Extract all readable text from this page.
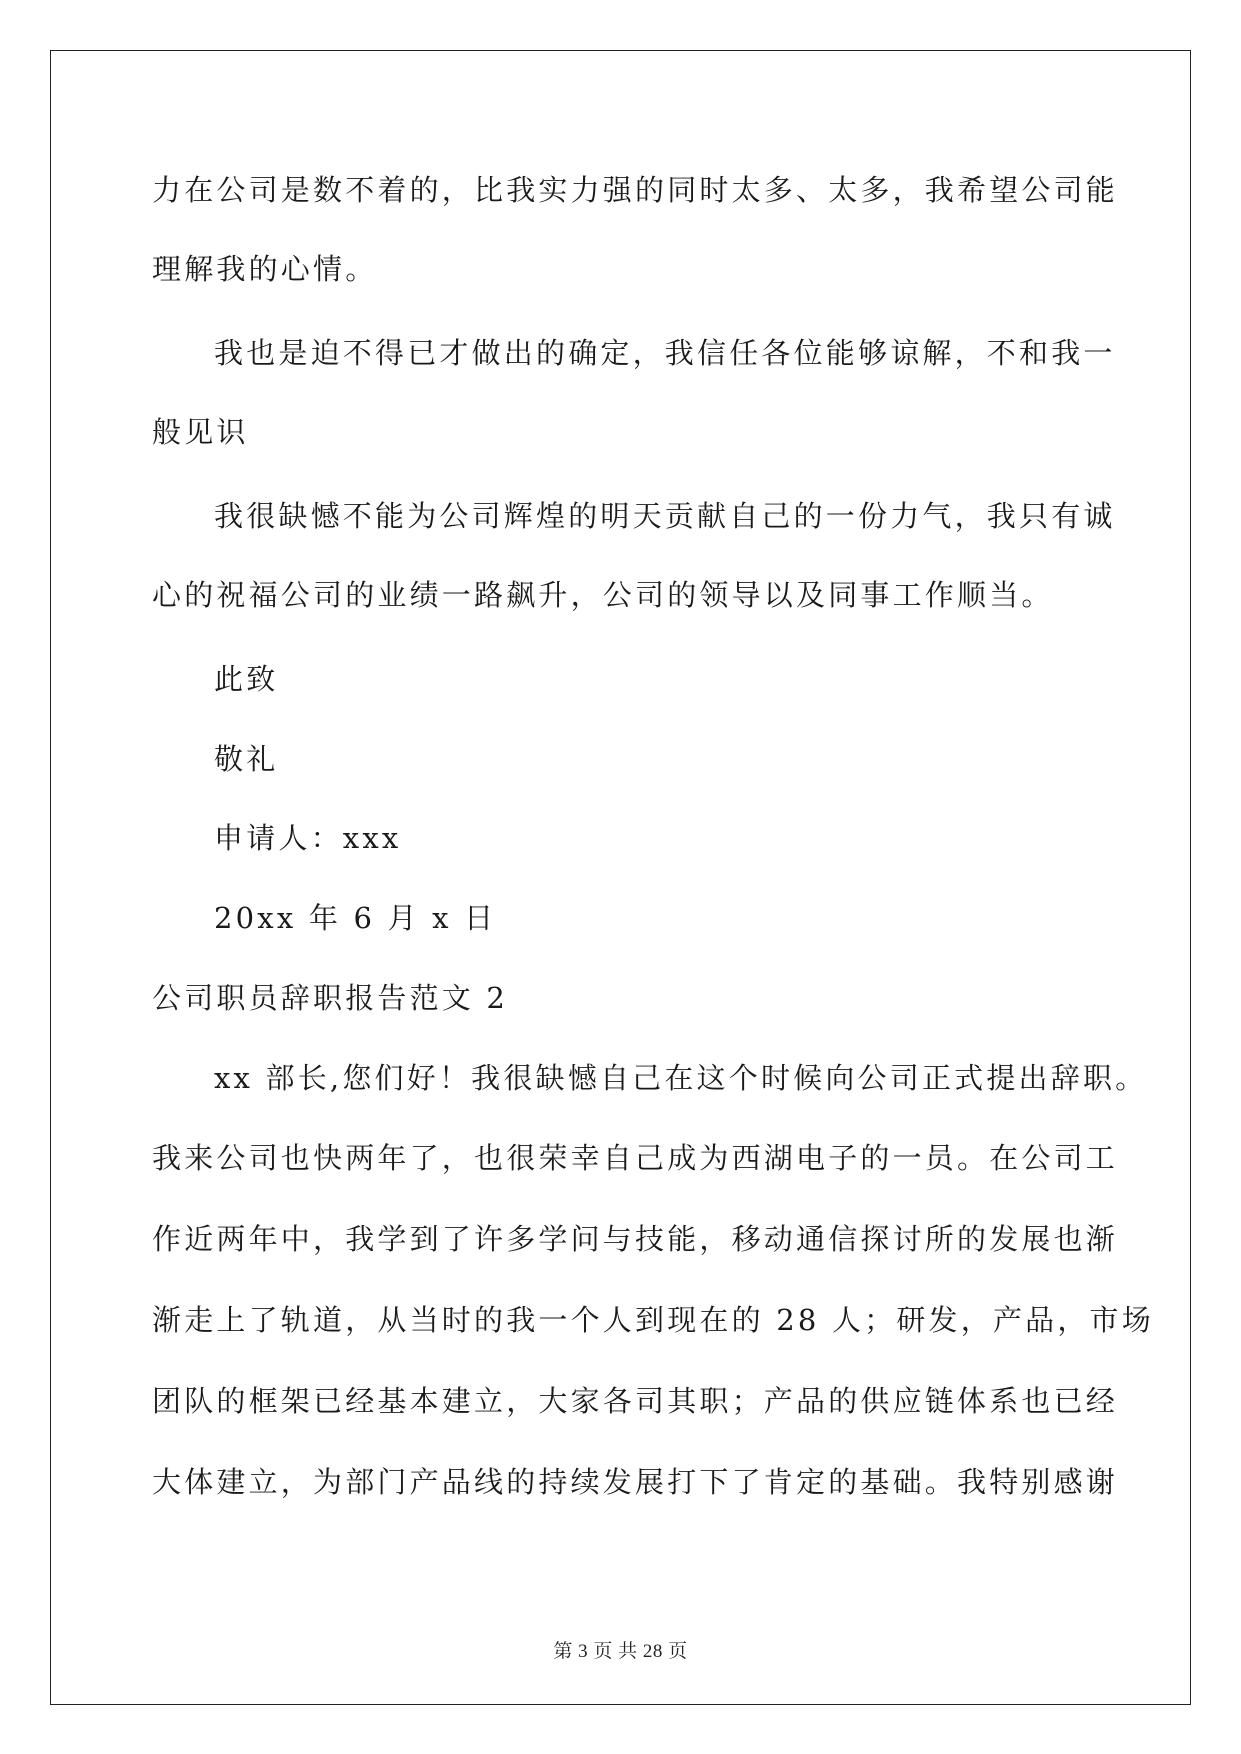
力在公司是数不着的，比我实力强的同时太多、太多，我希望公司能
理解我的心情。
我也是迫不得已才做出的确定，我信任各位能够谅解，不和我一
般见识
我很缺憾不能为公司辉煌的明天贡献自己的一份力气，我只有诚
心的祝福公司的业绩一路飙升，公司的领导以及同事工作顺当。
此致
敬礼
申请人：xxx
20xx 年 6 月 x 日
公司职员辞职报告范文 2
xx 部长,您们好！我很缺憾自己在这个时候向公司正式提出辞职。
我来公司也快两年了，也很荣幸自己成为西湖电子的一员。在公司工
作近两年中，我学到了许多学问与技能，移动通信探讨所的发展也渐
渐走上了轨道，从当时的我一个人到现在的 28 人；研发，产品，市场
团队的框架已经基本建立，大家各司其职；产品的供应链体系也已经
大体建立，为部门产品线的持续发展打下了肯定的基础。我特别感谢
第 3 页 共 28 页
